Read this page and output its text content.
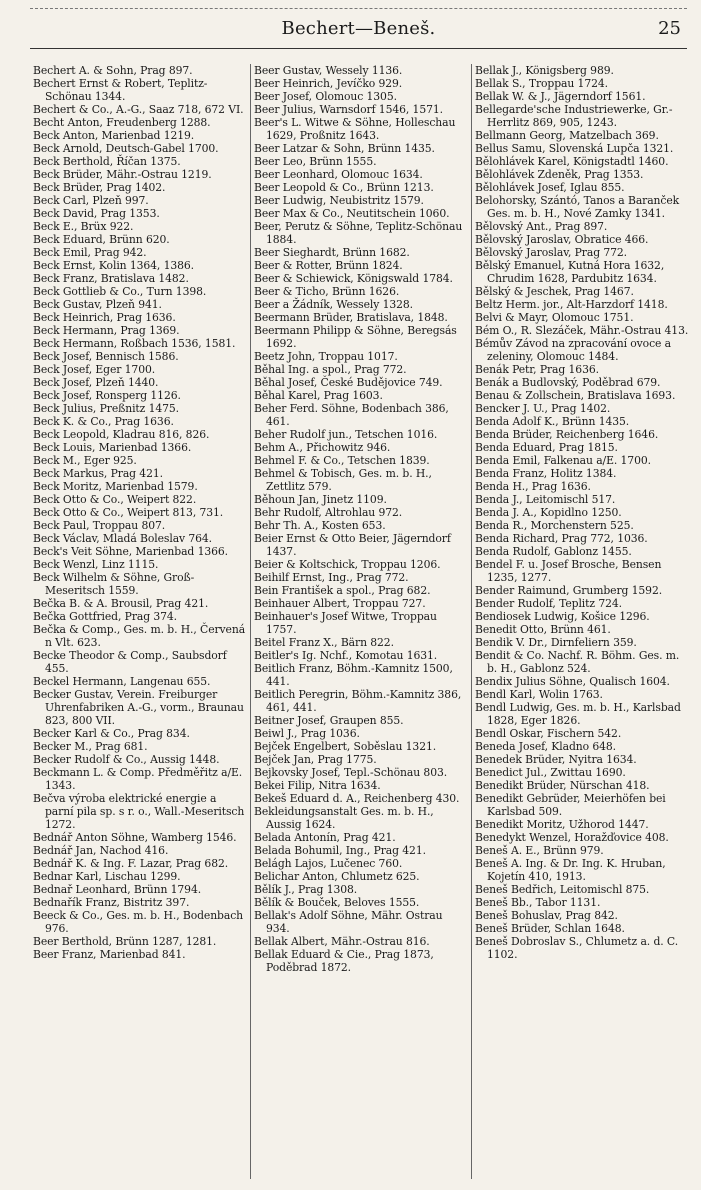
Bechert—Beneš.	25
Bechert A. & Sohn, Prag 897.
Bechert Ernst & Robert, Teplitz-Schönau 1344.
Bechert & Co., A.-G., Saaz 718, 672 VI.
Becht Anton, Freudenberg 1288.
Beck Anton, Marienbad 1219.
Beck Arnold, Deutsch-Gabel 1700.
Beck Berthold, Říčan 1375.
Beck Brüder, Mähr.-Ostrau 1219.
Beck Brüder, Prag 1402.
Beck Carl, Plzeň 997.
Beck David, Prag 1353.
Beck E., Brüx 922.
Beck Eduard, Brünn 620.
Beck Emil, Prag 942.
Beck Ernst, Kolin 1364, 1386.
Beck Franz, Bratislava 1482.
Beck Gottlieb & Co., Turn 1398.
Beck Gustav, Plzeň 941.
Beck Heinrich, Prag 1636.
Beck Hermann, Prag 1369.
Beck Hermann, Roßbach 1536, 1581.
Beck Josef, Bennisch 1586.
Beck Josef, Eger 1700.
Beck Josef, Plzeň 1440.
Beck Josef, Ronsperg 1126.
Beck Julius, Preßnitz 1475.
Beck K. & Co., Prag 1636.
Beck Leopold, Kladrau 816, 826.
Beck Louis, Marienbad 1366.
Beck M., Eger 925.
Beck Markus, Prag 421.
Beck Moritz, Marienbad 1579.
Beck Otto & Co., Weipert 822.
Beck Otto & Co., Weipert 813, 731.
Beck Paul, Troppau 807.
Beck Václav, Mladá Boleslav 764.
Beck's Veit Söhne, Marienbad 1366.
Beck Wenzl, Linz 1115.
Beck Wilhelm & Söhne, Groß-Meseritsch 1559.
Bečka B. & A. Brousil, Prag 421.
Bečka Gottfried, Prag 374.
Bečka & Comp., Ges. m. b. H., Červená n Vlt. 623.
Becke Theodor & Comp., Saubsdorf 455.
Beckel Hermann, Langenau 655.
Becker Gustav, Verein. Freiburger Uhrenfabriken A.-G., vorm., Braunau 823, 800 VII.
Becker Karl & Co., Prag 834.
Becker M., Prag 681.
Becker Rudolf & Co., Aussig 1448.
Beckmann L. & Comp. Předměřitz a/E. 1343.
Bečva výroba elektrické energie a parní pila sp. s r. o., Wall.-Meseritsch 1272.
Bednář Anton Söhne, Wamberg 1546.
Bednář Jan, Nachod 416.
Bednář K. & Ing. F. Lazar, Prag 682.
Bednar Karl, Lischau 1299.
Bednař Leonhard, Brünn 1794.
Bednařík Franz, Bistritz 397.
Beeck & Co., Ges. m. b. H., Bodenbach 976.
Beer Berthold, Brünn 1287, 1281.
Beer Franz, Marienbad 841.
Beer Gustav, Wessely 1136.
Beer Heinrich, Jevíčko 929.
Beer Josef, Olomouc 1305.
Beer Julius, Warnsdorf 1546, 1571.
Beer's L. Witwe & Söhne, Holleschau 1629, Proßnitz 1643.
Beer Latzar & Sohn, Brünn 1435.
Beer Leo, Brünn 1555.
Beer Leonhard, Olomouc 1634.
Beer Leopold & Co., Brünn 1213.
Beer Ludwig, Neubistritz 1579.
Beer Max & Co., Neutitschein 1060.
Beer, Perutz & Söhne, Teplitz-Schönau 1884.
Beer Sieghardt, Brünn 1682.
Beer & Rotter, Brünn 1824.
Beer & Schiewick, Königswald 1784.
Beer & Ticho, Brünn 1626.
Beer a Žádník, Wessely 1328.
Beermann Brüder, Bratislava, 1848.
Beermann Philipp & Söhne, Beregsás 1692.
Beetz John, Troppau 1017.
Běhal Ing. a spol., Prag 772.
Běhal Josef, České Budějovice 749.
Běhal Karel, Prag 1603.
Beher Ferd. Söhne, Bodenbach 386, 461.
Beher Rudolf jun., Tetschen 1016.
Behm A., Přichowitz 946.
Behmel F. & Co., Tetschen 1839.
Behmel & Tobisch, Ges. m. b. H., Zettlitz 579.
Běhoun Jan, Jinetz 1109.
Behr Rudolf, Altrohlau 972.
Behr Th. A., Kosten 653.
Beier Ernst & Otto Beier, Jägerndorf 1437.
Beier & Koltschick, Troppau 1206.
Beihilf Ernst, Ing., Prag 772.
Bein František a spol., Prag 682.
Beinhauer Albert, Troppau 727.
Beinhauer's Josef Witwe, Troppau 1757.
Beitel Franz X., Bärn 822.
Beitler's Ig. Nchf., Komotau 1631.
Beitlich Franz, Böhm.-Kamnitz 1500, 441.
Beitlich Peregrin, Böhm.-Kamnitz 386, 461, 441.
Beitner Josef, Graupen 855.
Beiwl J., Prag 1036.
Bejček Engelbert, Soběslau 1321.
Bejček Jan, Prag 1775.
Bejkovsky Josef, Tepl.-Schönau 803.
Bekei Filip, Nitra 1634.
Bekeš Eduard d. A., Reichenberg 430.
Bekleidungsanstalt Ges. m. b. H., Aussig 1624.
Belada Antonín, Prag 421.
Belada Bohumil, Ing., Prag 421.
Belágh Lajos, Lučenec 760.
Belichar Anton, Chlumetz 625.
Bělík J., Prag 1308.
Bělík & Bouček, Beloves 1555.
Bellak's Adolf Söhne, Mähr. Ostrau 934.
Bellak Albert, Mähr.-Ostrau 816.
Bellak Eduard & Cie., Prag 1873, Poděbrad 1872.
Bellak J., Königsberg 989.
Bellak S., Troppau 1724.
Bellak W. & J., Jägerndorf 1561.
Bellegarde'sche Industriewerke, Gr.-Herrlitz 869, 905, 1243.
Bellmann Georg, Matzelbach 369.
Bellus Samu, Slovenská Lupča 1321.
Bělohlávek Karel, Königstadtl 1460.
Bělohlávek Zdeněk, Prag 1353.
Bělohlávek Josef, Iglau 855.
Belohorsky, Szántó, Tanos a Baranček Ges. m. b. H., Nové Zamky 1341.
Bělovský Ant., Prag 897.
Bělovský Jaroslav, Obratice 466.
Bělovský Jaroslav, Prag 772.
Bělský Emanuel, Kutná Hora 1632, Chrudim 1628, Pardubitz 1634.
Bělský & Jeschek, Prag 1467.
Beltz Herm. jor., Alt-Harzdorf 1418.
Belvi & Mayr, Olomouc 1751.
Bém O., R. Slezáček, Mähr.-Ostrau 413.
Bémův Závod na zpracování ovoce a zeleniny, Olomouc 1484.
Benák Petr, Prag 1636.
Benák a Budlovský, Poděbrad 679.
Benau & Zollschein, Bratislava 1693.
Bencker J. U., Prag 1402.
Benda Adolf K., Brünn 1435.
Benda Brüder, Reichenberg 1646.
Benda Eduard, Prag 1815.
Benda Emil, Falkenau a/E. 1700.
Benda Franz, Holitz 1384.
Benda H., Prag 1636.
Benda J., Leitomischl 517.
Benda J. A., Kopidlno 1250.
Benda R., Morchenstern 525.
Benda Richard, Prag 772, 1036.
Benda Rudolf, Gablonz 1455.
Bendel F. u. Josef Brosche, Bensen 1235, 1277.
Bender Raimund, Grumberg 1592.
Bender Rudolf, Teplitz 724.
Bendiosek Ludwig, Košice 1296.
Benedit Otto, Brünn 461.
Bendik V. Dr., Dirnfeliern 359.
Bendit & Co. Nachf. R. Böhm. Ges. m. b. H., Gablonz 524.
Bendix Julius Söhne, Qualisch 1604.
Bendl Karl, Wolin 1763.
Bendl Ludwig, Ges. m. b. H., Karlsbad 1828, Eger 1826.
Bendl Oskar, Fischern 542.
Beneda Josef, Kladno 648.
Benedek Brüder, Nyitra 1634.
Benedict Jul., Zwittau 1690.
Benedikt Brüder, Nürschan 418.
Benedikt Gebrüder, Meierhöfen bei Karlsbad 509.
Benedikt Moritz, Užhorod 1447.
Benedykt Wenzel, Horažďovice 408.
Beneš A. E., Brünn 979.
Beneš A. Ing. & Dr. Ing. K. Hruban, Kojetín 410, 1913.
Beneš Bedřich, Leitomischl 875.
Beneš Bb., Tabor 1131.
Beneš Bohuslav, Prag 842.
Beneš Brüder, Schlan 1648.
Beneš Dobroslav S., Chlumetz a. d. C. 1102.
